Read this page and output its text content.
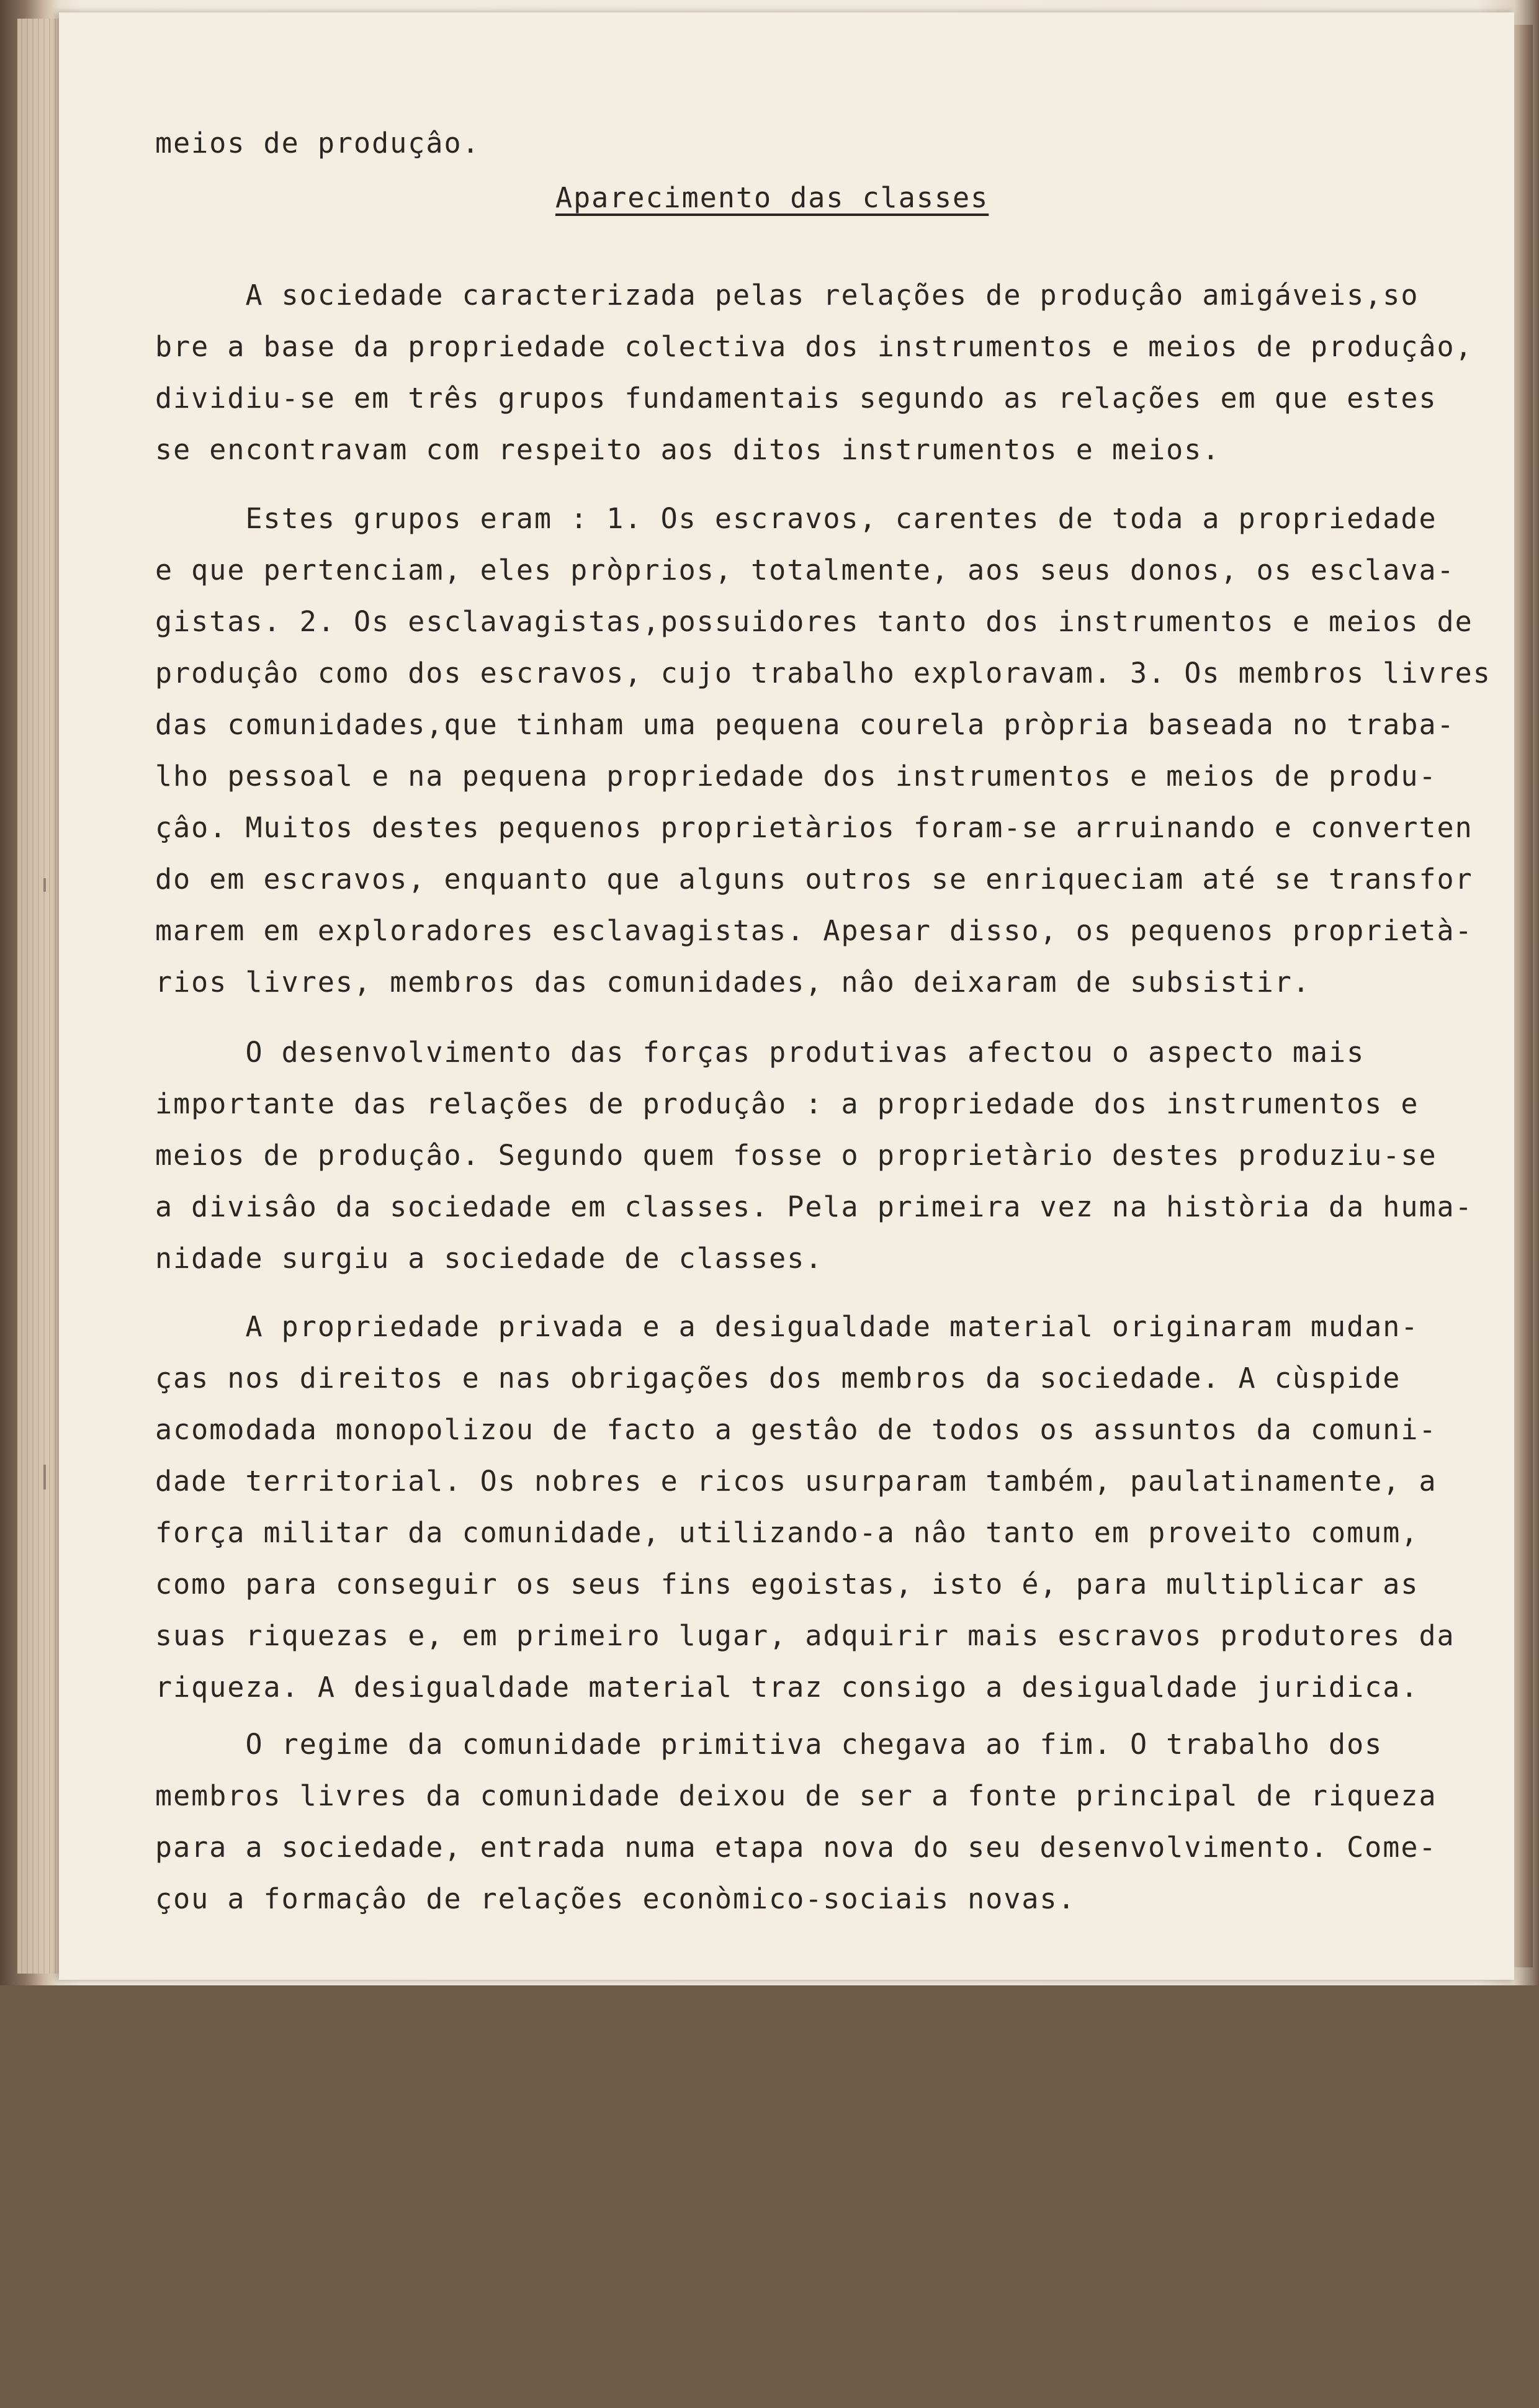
meios de produçâo.

Aparecimento das classes

A sociedade caracterizada pelas relações de produçâo amigáveis,so

bre a base da propriedade colectiva dos instrumentos e meios de produçâo,

dividiu-se em três grupos fundamentais segundo as relações em que estes

se encontravam com respeito aos ditos instrumentos e meios.

Estes grupos eram : 1. Os escravos, carentes de toda a propriedade

e que pertenciam, eles pròprios, totalmente, aos seus donos, os esclava-

gistas. 2. Os esclavagistas,possuidores tanto dos instrumentos e meios de

produçâo como dos escravos, cujo trabalho exploravam. 3. Os membros livres

das comunidades,que tinham uma pequena courela pròpria baseada no traba-

lho pessoal e na pequena propriedade dos instrumentos e meios de produ-

çâo. Muitos destes pequenos proprietàrios foram-se arruinando e converten

do em escravos, enquanto que alguns outros se enriqueciam até se transfor

marem em exploradores esclavagistas. Apesar disso, os pequenos proprietà-

rios livres, membros das comunidades, nâo deixaram de subsistir.

O desenvolvimento das forças produtivas afectou o aspecto mais

importante das relações de produçâo : a propriedade dos instrumentos e

meios de produçâo. Segundo quem fosse o proprietàrio destes produziu-se

a divisâo da sociedade em classes. Pela primeira vez na història da huma-

nidade surgiu a sociedade de classes.

A propriedade privada e a desigualdade material originaram mudan-

ças nos direitos e nas obrigações dos membros da sociedade. A cùspide

acomodada monopolizou de facto a gestâo de todos os assuntos da comuni-

dade territorial. Os nobres e ricos usurparam também, paulatinamente, a

força militar da comunidade, utilizando-a nâo tanto em proveito comum,

como para conseguir os seus fins egoistas, isto é, para multiplicar as

suas riquezas e, em primeiro lugar, adquirir mais escravos produtores da

riqueza. A desigualdade material traz consigo a desigualdade juridica.

O regime da comunidade primitiva chegava ao fim. O trabalho dos

membros livres da comunidade deixou de ser a fonte principal de riqueza

para a sociedade, entrada numa etapa nova do seu desenvolvimento. Come-

çou a formaçâo de relações econòmico-sociais novas.
